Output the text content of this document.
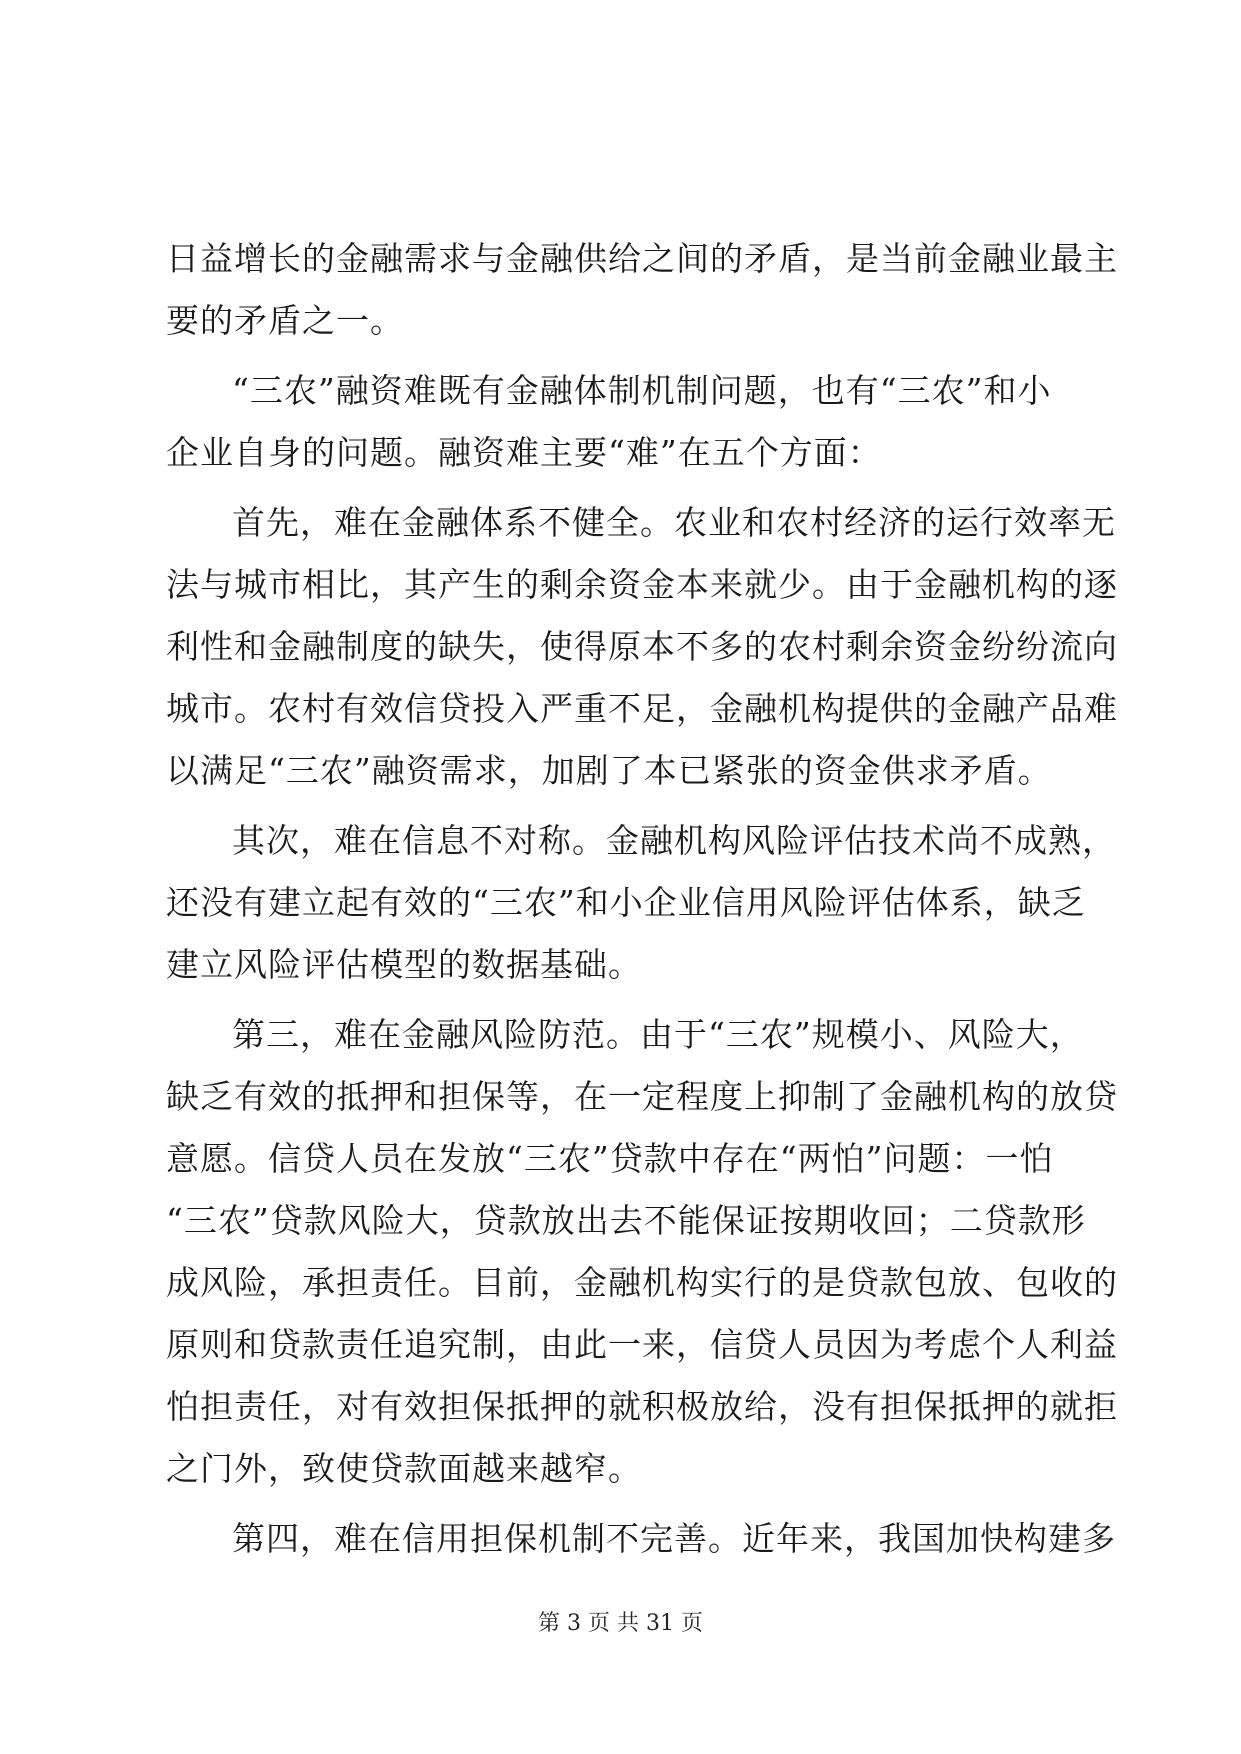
日益增长的金融需求与金融供给之间的矛盾，是当前金融业最主
要的矛盾之一。
“三农”融资难既有金融体制机制问题，也有“三农”和小
企业自身的问题。融资难主要“难”在五个方面：
首先，难在金融体系不健全。农业和农村经济的运行效率无
法与城市相比，其产生的剩余资金本来就少。由于金融机构的逐
利性和金融制度的缺失，使得原本不多的农村剩余资金纷纷流向
城市。农村有效信贷投入严重不足，金融机构提供的金融产品难
以满足“三农”融资需求，加剧了本已紧张的资金供求矛盾。
其次，难在信息不对称。金融机构风险评估技术尚不成熟，
还没有建立起有效的“三农”和小企业信用风险评估体系，缺乏
建立风险评估模型的数据基础。
第三，难在金融风险防范。由于“三农”规模小、风险大，
缺乏有效的抵押和担保等，在一定程度上抑制了金融机构的放贷
意愿。信贷人员在发放“三农”贷款中存在“两怕”问题：一怕
“三农”贷款风险大，贷款放出去不能保证按期收回；二贷款形
成风险，承担责任。目前，金融机构实行的是贷款包放、包收的
原则和贷款责任追究制，由此一来，信贷人员因为考虑个人利益
怕担责任，对有效担保抵押的就积极放给，没有担保抵押的就拒
之门外，致使贷款面越来越窄。
第四，难在信用担保机制不完善。近年来，我国加快构建多
第 3 页 共 31 页
